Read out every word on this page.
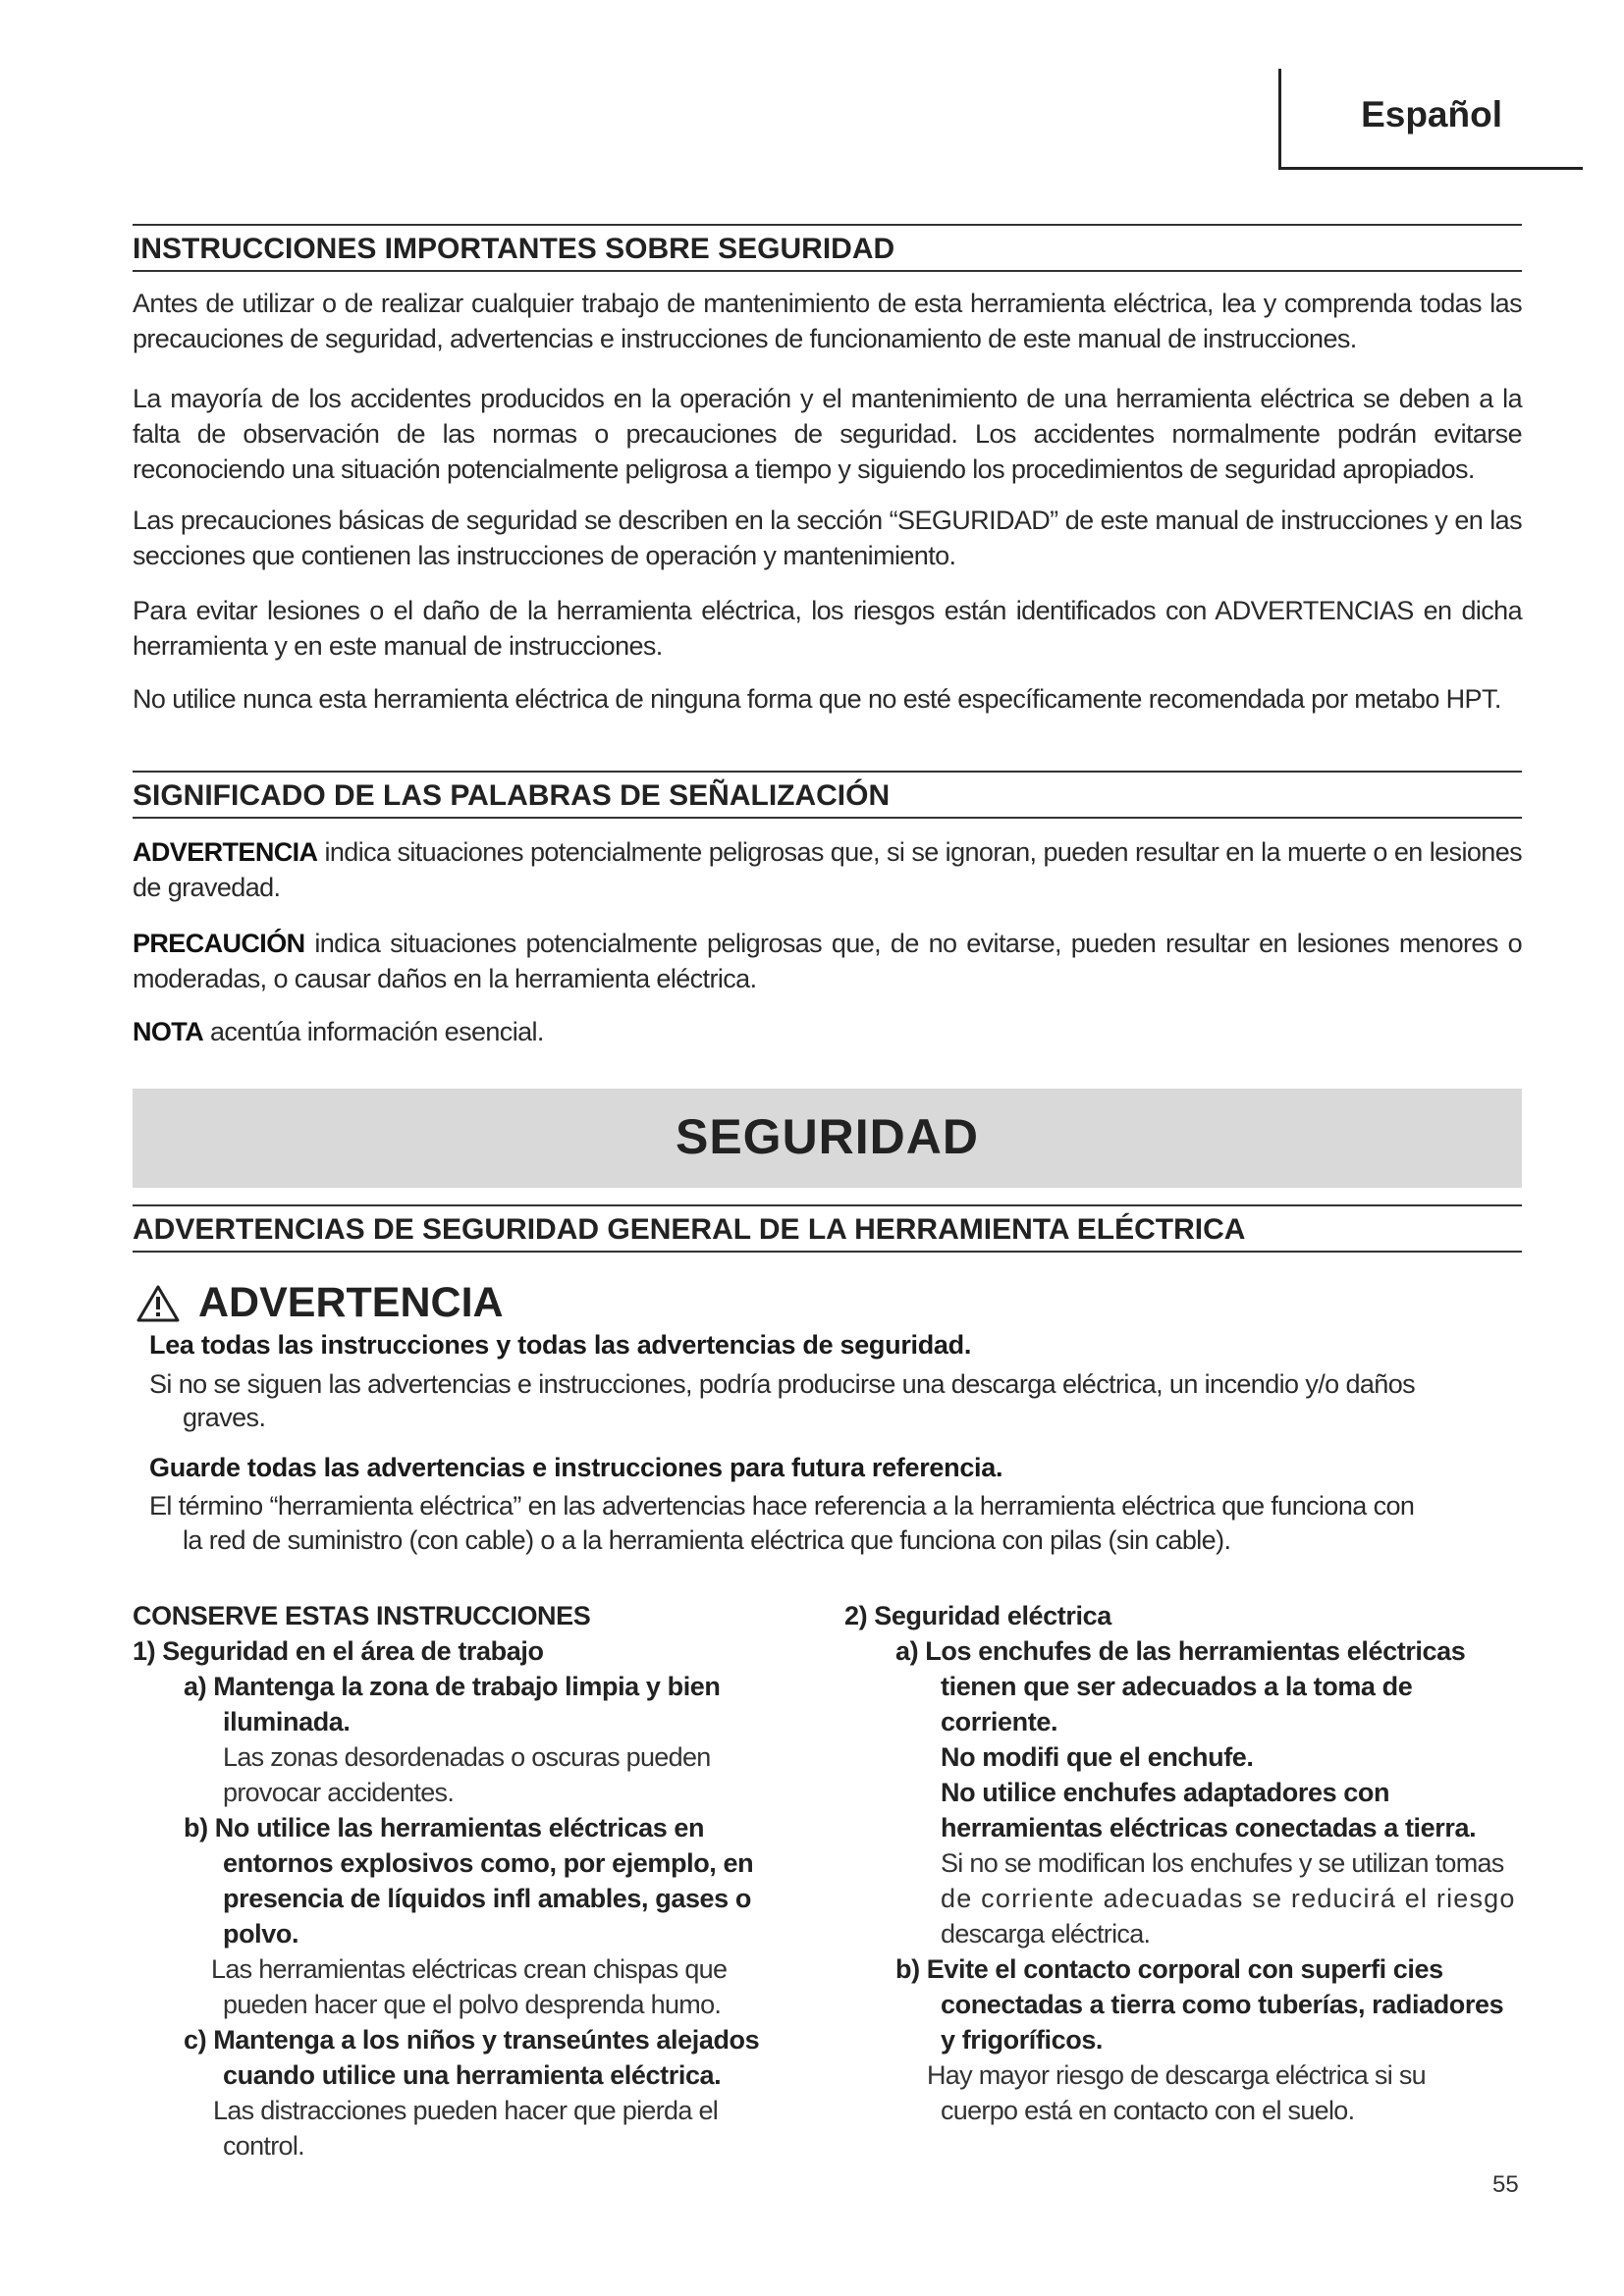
Español
INSTRUCCIONES IMPORTANTES SOBRE SEGURIDAD
Antes de utilizar o de realizar cualquier trabajo de mantenimiento de esta herramienta eléctrica, lea y comprenda todas las precauciones de seguridad, advertencias e instrucciones de funcionamiento de este manual de instrucciones.
La mayoría de los accidentes producidos en la operación y el mantenimiento de una herramienta eléctrica se deben a la falta de observación de las normas o precauciones de seguridad. Los accidentes normalmente podrán evitarse reconociendo una situación potencialmente peligrosa a tiempo y siguiendo los procedimientos de seguridad apropiados.
Las precauciones básicas de seguridad se describen en la sección “SEGURIDAD” de este manual de instrucciones y en las secciones que contienen las instrucciones de operación y mantenimiento.
Para evitar lesiones o el daño de la herramienta eléctrica, los riesgos están identificados con ADVERTENCIAS en dicha herramienta y en este manual de instrucciones.
No utilice nunca esta herramienta eléctrica de ninguna forma que no esté específicamente recomendada por metabo HPT.
SIGNIFICADO DE LAS PALABRAS DE SEÑALIZACIÓN
ADVERTENCIA indica situaciones potencialmente peligrosas que, si se ignoran, pueden resultar en la muerte o en lesiones de gravedad.
PRECAUCIÓN indica situaciones potencialmente peligrosas que, de no evitarse, pueden resultar en lesiones menores o moderadas, o causar daños en la herramienta eléctrica.
NOTA acentúa información esencial.
SEGURIDAD
ADVERTENCIAS DE SEGURIDAD GENERAL DE LA HERRAMIENTA ELÉCTRICA
ADVERTENCIA
Lea todas las instrucciones y todas las advertencias de seguridad.
Si no se siguen las advertencias e instrucciones, podría producirse una descarga eléctrica, un incendio y/o daños
graves.
Guarde todas las advertencias e instrucciones para futura referencia.
El término “herramienta eléctrica” en las advertencias hace referencia a la herramienta eléctrica que funciona con
la red de suministro (con cable) o a la herramienta eléctrica que funciona con pilas (sin cable).
CONSERVE ESTAS INSTRUCCIONES
1) Seguridad en el área de trabajo
a) Mantenga la zona de trabajo limpia y bien
iluminada.
Las zonas desordenadas o oscuras pueden
provocar accidentes.
b) No utilice las herramientas eléctricas en
entornos explosivos como, por ejemplo, en
presencia de líquidos infl amables, gases o
polvo.
Las herramientas eléctricas crean chispas que
pueden hacer que el polvo desprenda humo.
c) Mantenga a los niños y transeúntes alejados
cuando utilice una herramienta eléctrica.
Las distracciones pueden hacer que pierda el
control.
2) Seguridad eléctrica
a) Los enchufes de las herramientas eléctricas
tienen que ser adecuados a la toma de
corriente.
No modifi que el enchufe.
No utilice enchufes adaptadores con
herramientas eléctricas conectadas a tierra.
Si no se modifican los enchufes y se utilizan tomas
de corriente adecuadas se reducirá el riesgo
descarga eléctrica.
b) Evite el contacto corporal con superfi cies
conectadas a tierra como tuberías, radiadores
y frigoríficos.
Hay mayor riesgo de descarga eléctrica si su
cuerpo está en contacto con el suelo.
55
